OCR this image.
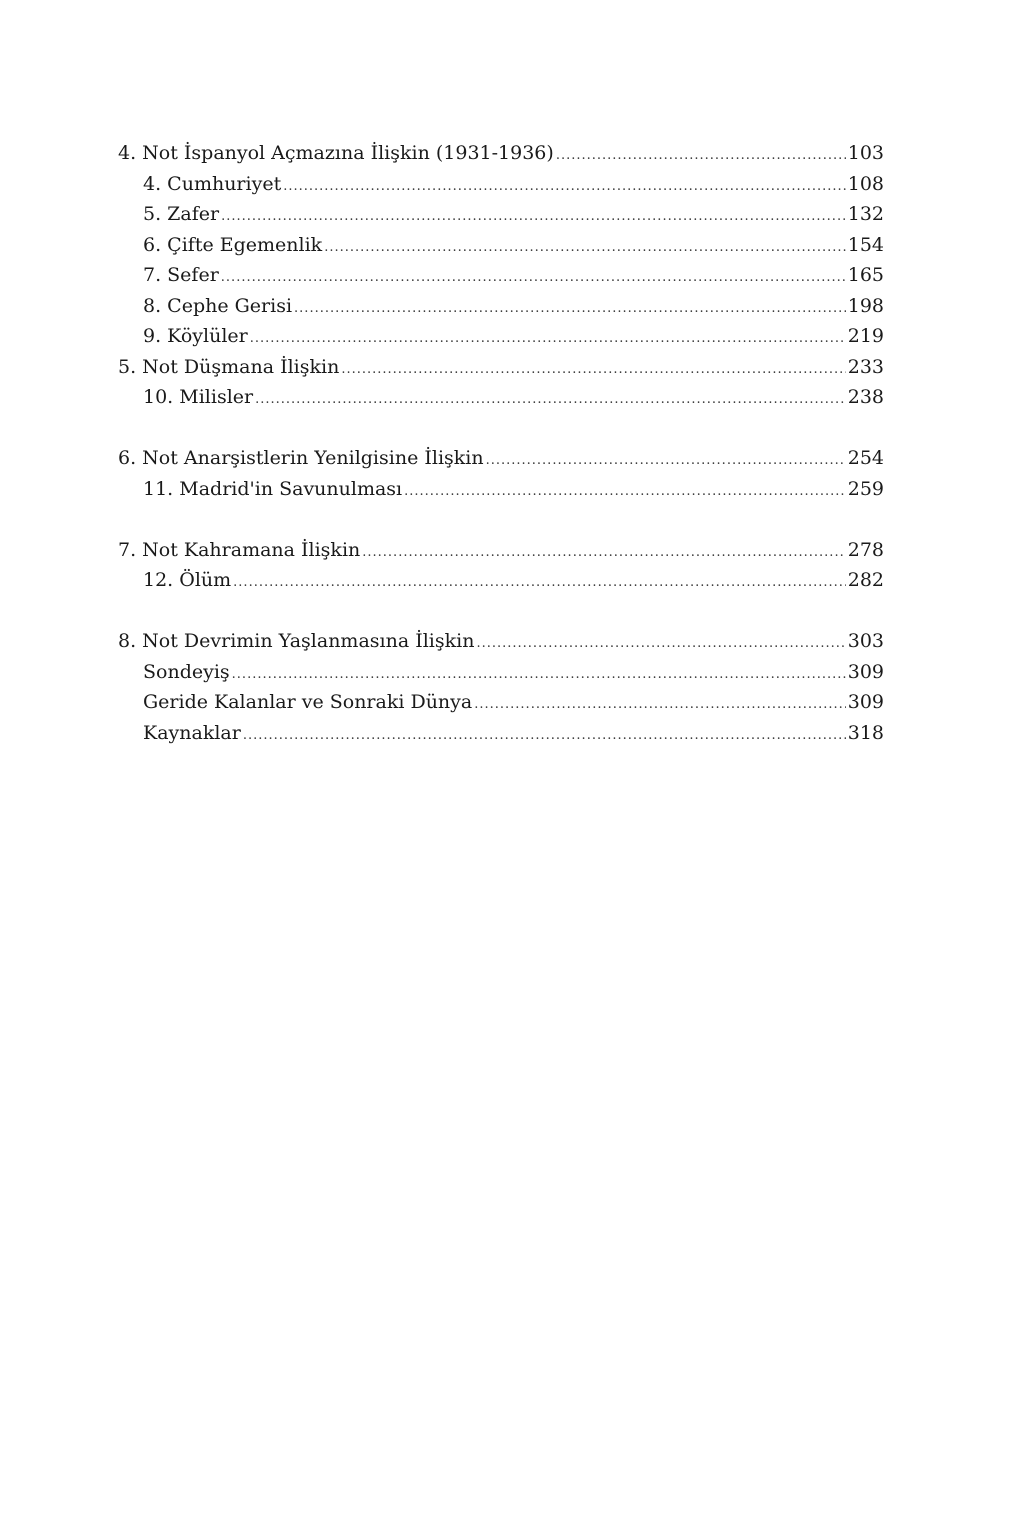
4. Not İspanyol Açmazına İlişkin (1931-1936) .....	103
4. Cumhuriyet .....	108
5. Zafer .....	132
6. Çifte Egemenlik .....	154
7. Sefer .....	165
8. Cephe Gerisi .....	198
9. Köylüler .....	219
5. Not Düşmana İlişkin .....	233
10. Milisler .....	238
6. Not Anarşistlerin Yenilgisine İlişkin .....	254
11. Madrid'in Savunulması .....	259
7. Not Kahramana İlişkin .....	278
12. Ölüm .....	282
8. Not Devrimin Yaşlanmasına İlişkin .....	303
Sondeyiş .....	309
Geride Kalanlar ve Sonraki Dünya .....	309
Kaynaklar .....	318
